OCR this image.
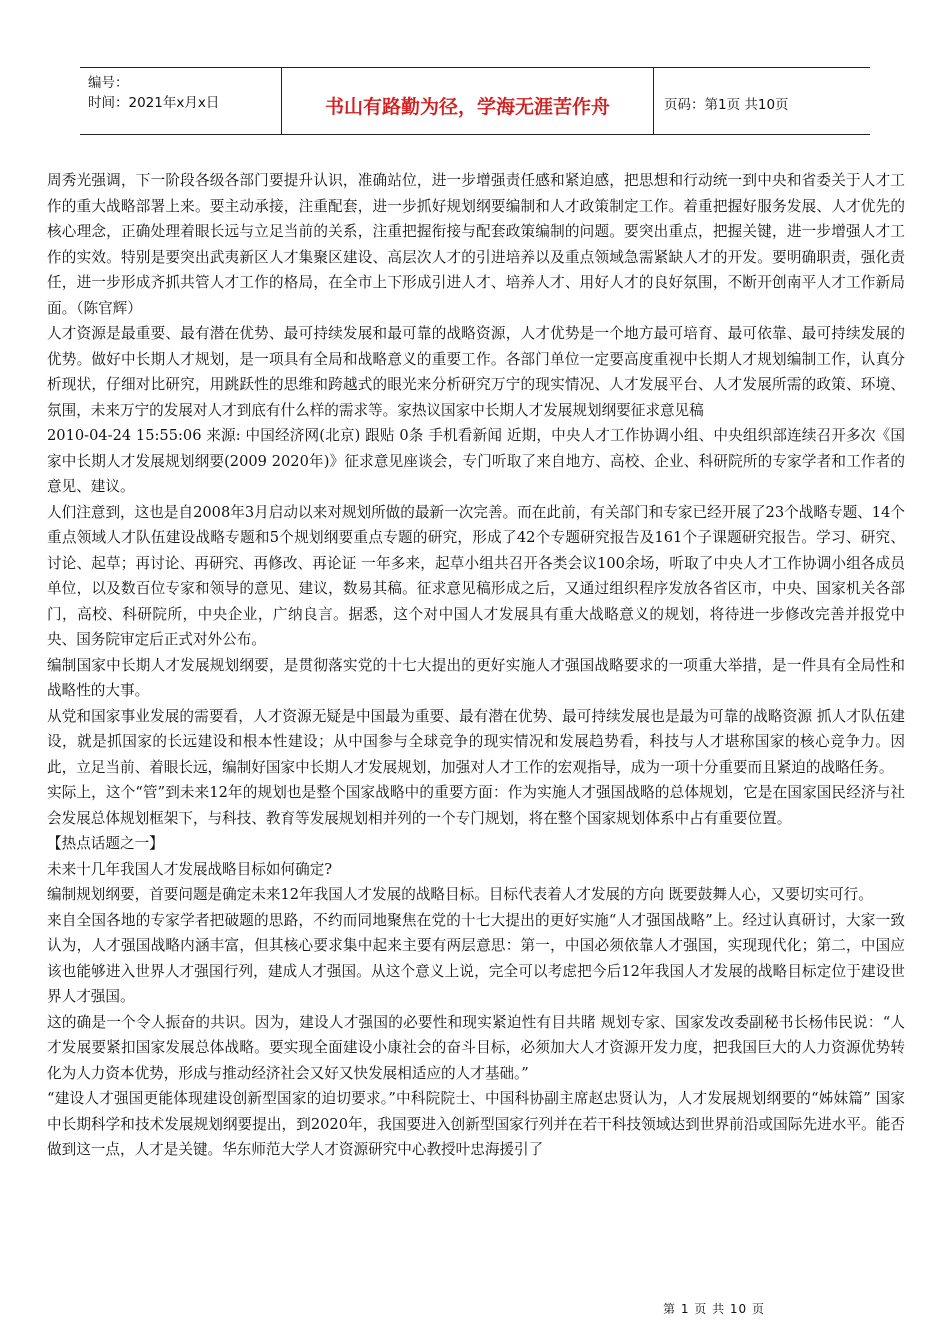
编号：
时间：2021年x月x日	书山有路勤为径，学海无涯苦作舟	页码：第1页 共10页

周秀光强调，下一阶段各级各部门要提升认识，准确站位，进一步增强责任感和紧迫感，把思想和行动统一到中央和省委关于人才工作的重大战略部署上来。要主动承接，注重配套，进一步抓好规划纲要编制和人才政策制定工作。着重把握好服务发展、人才优先的核心理念，正确处理着眼长远与立足当前的关系，注重把握衔接与配套政策编制的问题。要突出重点，把握关键，进一步增强人才工作的实效。特别是要突出武夷新区人才集聚区建设、高层次人才的引进培养以及重点领域急需紧缺人才的开发。要明确职责，强化责任，进一步形成齐抓共管人才工作的格局，在全市上下形成引进人才、培养人才、用好人才的良好氛围，不断开创南平人才工作新局面。（陈官辉）

人才资源是最重要、最有潜在优势、最可持续发展和最可靠的战略资源，人才优势是一个地方最可培育、最可依靠、最可持续发展的优势。做好中长期人才规划，是一项具有全局和战略意义的重要工作。各部门单位一定要高度重视中长期人才规划编制工作，认真分析现状，仔细对比研究，用跳跃性的思维和跨越式的眼光来分析研究万宁的现实情况、人才发展平台、人才发展所需的政策、环境、氛围，未来万宁的发展对人才到底有什么样的需求等。家热议国家中长期人才发展规划纲要征求意见稿

2010-04-24 15:55:06 来源: 中国经济网(北京) 跟贴 0条 手机看新闻 近期，中央人才工作协调小组、中央组织部连续召开多次《国家中长期人才发展规划纲要(2009 2020年)》征求意见座谈会，专门听取了来自地方、高校、企业、科研院所的专家学者和工作者的意见、建议。

人们注意到，这也是自2008年3月启动以来对规划所做的最新一次完善。而在此前，有关部门和专家已经开展了23个战略专题、14个重点领域人才队伍建设战略专题和5个规划纲要重点专题的研究，形成了42个专题研究报告及161个子课题研究报告。学习、研究、讨论、起草；再讨论、再研究、再修改、再论证 一年多来，起草小组共召开各类会议100余场，听取了中央人才工作协调小组各成员单位，以及数百位专家和领导的意见、建议，数易其稿。征求意见稿形成之后，又通过组织程序发放各省区市，中央、国家机关各部门，高校、科研院所，中央企业，广纳良言。据悉，这个对中国人才发展具有重大战略意义的规划，将待进一步修改完善并报党中央、国务院审定后正式对外公布。

编制国家中长期人才发展规划纲要，是贯彻落实党的十七大提出的更好实施人才强国战略要求的一项重大举措，是一件具有全局性和战略性的大事。

从党和国家事业发展的需要看，人才资源无疑是中国最为重要、最有潜在优势、最可持续发展也是最为可靠的战略资源 抓人才队伍建设，就是抓国家的长远建设和根本性建设；从中国参与全球竞争的现实情况和发展趋势看，科技与人才堪称国家的核心竞争力。因此，立足当前、着眼长远，编制好国家中长期人才发展规划，加强对人才工作的宏观指导，成为一项十分重要而且紧迫的战略任务。

实际上，这个“管”到未来12年的规划也是整个国家战略中的重要方面：作为实施人才强国战略的总体规划，它是在国家国民经济与社会发展总体规划框架下，与科技、教育等发展规划相并列的一个专门规划，将在整个国家规划体系中占有重要位置。

【热点话题之一】

未来十几年我国人才发展战略目标如何确定?

编制规划纲要，首要问题是确定未来12年我国人才发展的战略目标。目标代表着人才发展的方向 既要鼓舞人心，又要切实可行。

来自全国各地的专家学者把破题的思路，不约而同地聚焦在党的十七大提出的更好实施“人才强国战略”上。经过认真研讨，大家一致认为，人才强国战略内涵丰富，但其核心要求集中起来主要有两层意思：第一，中国必须依靠人才强国，实现现代化；第二，中国应该也能够进入世界人才强国行列，建成人才强国。从这个意义上说，完全可以考虑把今后12年我国人才发展的战略目标定位于建设世界人才强国。

这的确是一个令人振奋的共识。因为，建设人才强国的必要性和现实紧迫性有目共睹 规划专家、国家发改委副秘书长杨伟民说：“人才发展要紧扣国家发展总体战略。要实现全面建设小康社会的奋斗目标，必须加大人才资源开发力度，把我国巨大的人力资源优势转化为人力资本优势，形成与推动经济社会又好又快发展相适应的人才基础。”

“建设人才强国更能体现建设创新型国家的迫切要求。”中科院院士、中国科协副主席赵忠贤认为，人才发展规划纲要的“姊妹篇” 国家中长期科学和技术发展规划纲要提出，到2020年，我国要进入创新型国家行列并在若干科技领域达到世界前沿或国际先进水平。能否做到这一点，人才是关键。华东师范大学人才资源研究中心教授叶忠海援引了

第 1 页 共 10 页
